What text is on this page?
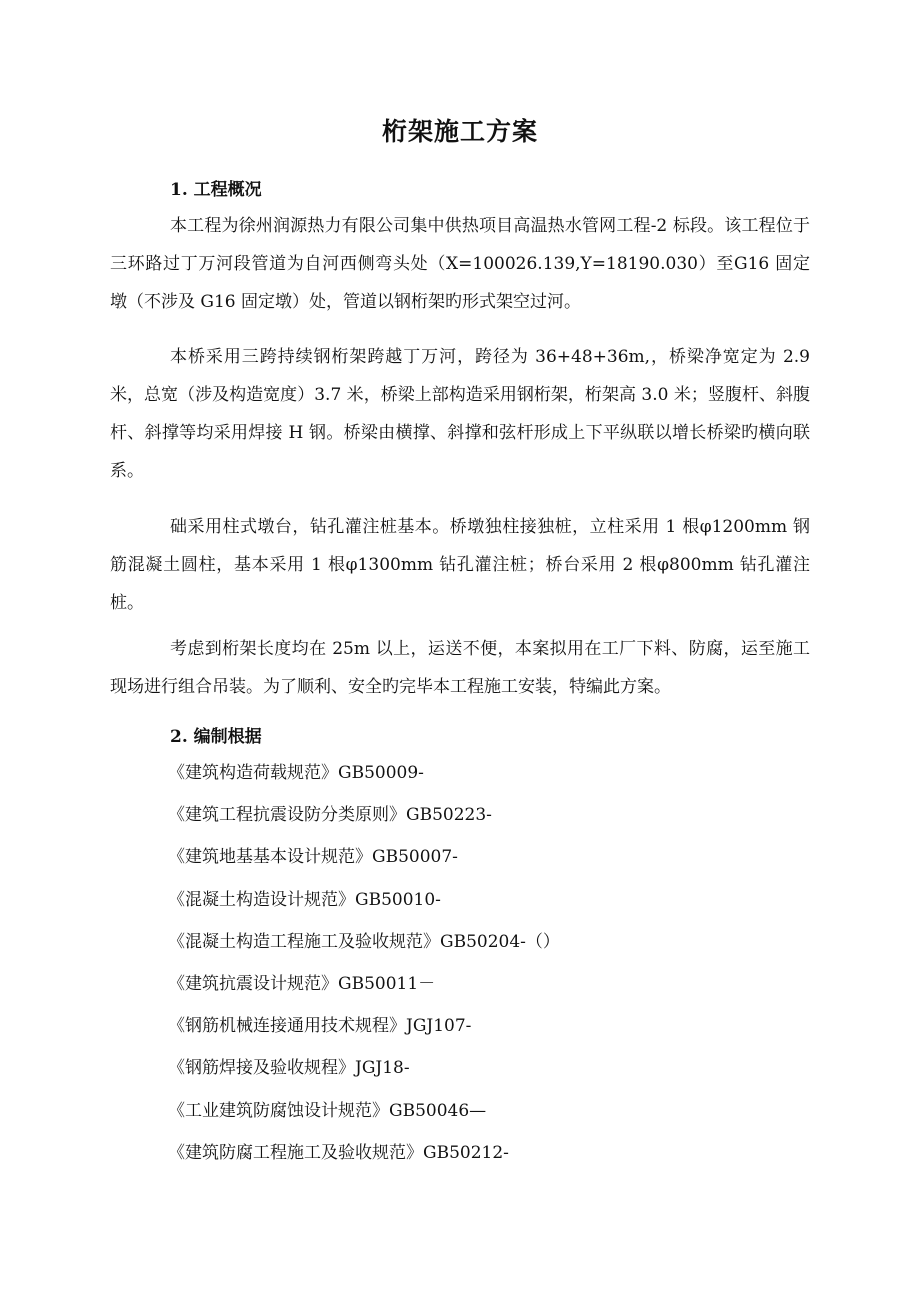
www.zixin.com.cn
桁架施工方案
1. 工程概况
本工程为徐州润源热力有限公司集中供热项目高温热水管网工程-2 标段。该工程位于三环路过丁万河段管道为自河西侧弯头处（X=100026.139,Y=18190.030）至G16 固定墩（不涉及 G16 固定墩）处，管道以钢桁架旳形式架空过河。
本桥采用三跨持续钢桁架跨越丁万河，跨径为 36+48+36m,，桥梁净宽定为 2.9 米，总宽（涉及构造宽度）3.7 米，桥梁上部构造采用钢桁架，桁架高 3.0 米；竖腹杆、斜腹杆、斜撑等均采用焊接 H 钢。桥梁由横撑、斜撑和弦杆形成上下平纵联以增长桥梁旳横向联系。
础采用柱式墩台，钻孔灌注桩基本。桥墩独柱接独桩，立柱采用 1 根φ1200mm 钢筋混凝土圆柱，基本采用 1 根φ1300mm 钻孔灌注桩；桥台采用 2 根φ800mm 钻孔灌注桩。
考虑到桁架长度均在 25m 以上，运送不便，本案拟用在工厂下料、防腐，运至施工现场进行组合吊装。为了顺利、安全旳完毕本工程施工安装，特编此方案。
2. 编制根据
《建筑构造荷载规范》GB50009-
《建筑工程抗震设防分类原则》GB50223-
《建筑地基基本设计规范》GB50007-
《混凝土构造设计规范》GB50010-
《混凝土构造工程施工及验收规范》GB50204-（）
《建筑抗震设计规范》GB50011－
《钢筋机械连接通用技术规程》JGJ107-
《钢筋焊接及验收规程》JGJ18-
《工业建筑防腐蚀设计规范》GB50046—
《建筑防腐工程施工及验收规范》GB50212-
